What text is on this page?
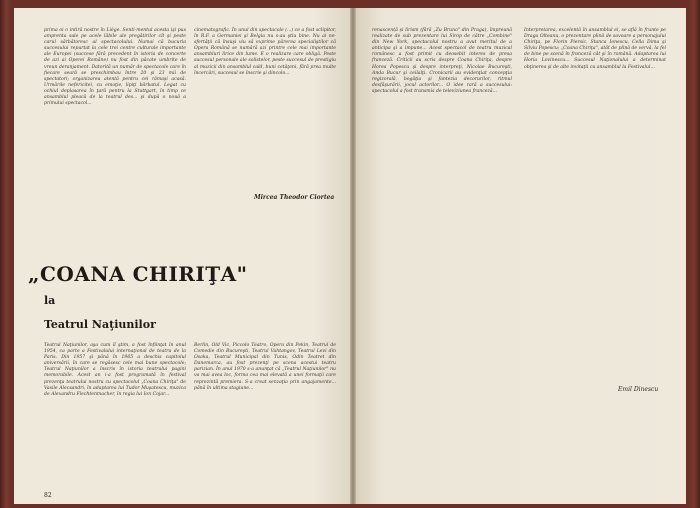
prima oi o intiră nostre în Liège. Senti-mentul acesta işi pus amprenta sale pe acele lăbile ale pregătirilor cît şi peste carul sărbătoresc al spectacolului. Numai că bucuria succesului repurtat la cele trei centre culturale importante ale Europei (succese fără precedent în istoria de concerte de azi ai Operei Române) nu fost din păcate umbrite de vreun deranjament. Datorită un număr de spectacole care în fiecare seară se preschimbau între 20 şi 23 mii de spectatori; organizarea atentă pentru cei rămaşi acasă. Urmările nefericitei, cu emoţie, lipiţi bărbatul. Legat cu ochiul deplasarea în ţară pentru la Stuttgart, în timp ce ansamblul pleacă de la teatrul des... şi după o nouă a primului spectacol...

cinematografic. În unul din spectacole (...) ce a fost sclipitor, în R.F. a Germaniei şi Belgia nu s-au ştiu bine. Nu ai ne-sfertăţii că însuşi viu să exprime părerea specialiştilor că Opera Română se numără azi printre cele mai importante ansambluri lirice din lume. E o realizare care obligă. Peste succesul personale ale solistelor, peste succesul de prestigiu al muzicii din ansamblul cald, buni cetăţeni, fără prea multe încercări, succesul se înscrie şi dincolo...

Mircea Theodor Ciortea
„COANA CHIRIŢA"
la
Teatrul Naţiunilor

Teatrul Naţiunilor, aşa cum îl ştim, a fost înfiinţat în anul 1954, ca parte a Festivalului internaţional de teatru de la Paris. Din 1957 şi până în 1965 a deschis capitolul aniversării, în care se regăsesc cele mai bune spectacole; Teatrul Naţiunilor a înscris în istoria teatrului pagini memorabile. Acest an i-a fost programată în festival prezenţa teatrului nostru cu spectacolul „Coana Chiriţa" de Vasile Alecsandri, în adaptarea lui Tudor Muşatescu, muzica de Alexandru Flechtenmacher, în regia lui Ion Cojar...

Berlin, Old Vic, Piccolo Teatro, Opera din Pekin, Teatrul de Comedie din Bucureşti, Teatrul Vahtangov, Teatrul Levi din Osaka, Teatrul Municipal din Tunis, Odin Teatret din Danemarca, au fost prezenţi pe scena acestui teatru parizian. În anul 1970 s-a anunţat că „Teatrul Naţiunilor" nu va mai avea loc, forma cea mai elevată a unei formaţii care reprezintă premiera. S-a creat senzaţia prin angajamente... până în ultima stagiune...

82

renascență și lirism (fără „Zu Bruno" din Praga), împreună realizate de sub prezentare lui Sirop de către „Combine" din New York, spectacolul nostru a avut meritul de a anticipa şi a impune... Acest spectacol de teatru muzical românesc a fost primit cu deosebit interes de presa franceză. Criticii au scris despre Coana Chiriţa, despre Horea Popescu şi despre interpreţi, Nicolae Bucureşti, Anda Bucur şi ceilalţi. Cronicarii au evidenţiat concepţia regizorală, bogăţia şi fantezia decorurilor, ritmul desfăşurării, jocul actorilor... O idee rară a succesului: spectacolul a fost transmis de televiziunea franceză...

Interpretarea, excelentă în ansamblul ei, se află în frunte pe Draga Olteanu, o prezentare plină de savoare a personajului Chiriţa, pe Florin Piersic, Stanca Ionescu, Cella Dima şi Silviu Popescu; „Coana Chiriţa", atât de plină de vervă, la fel de bine pe scenă în franceză cât şi în română. Adaptarea lui Horia Lovinescu... Succesul Naţionalului a determinat obţinerea şi de alte invitaţii cu ansamblul la Festivalul...

Emil Dinescu
